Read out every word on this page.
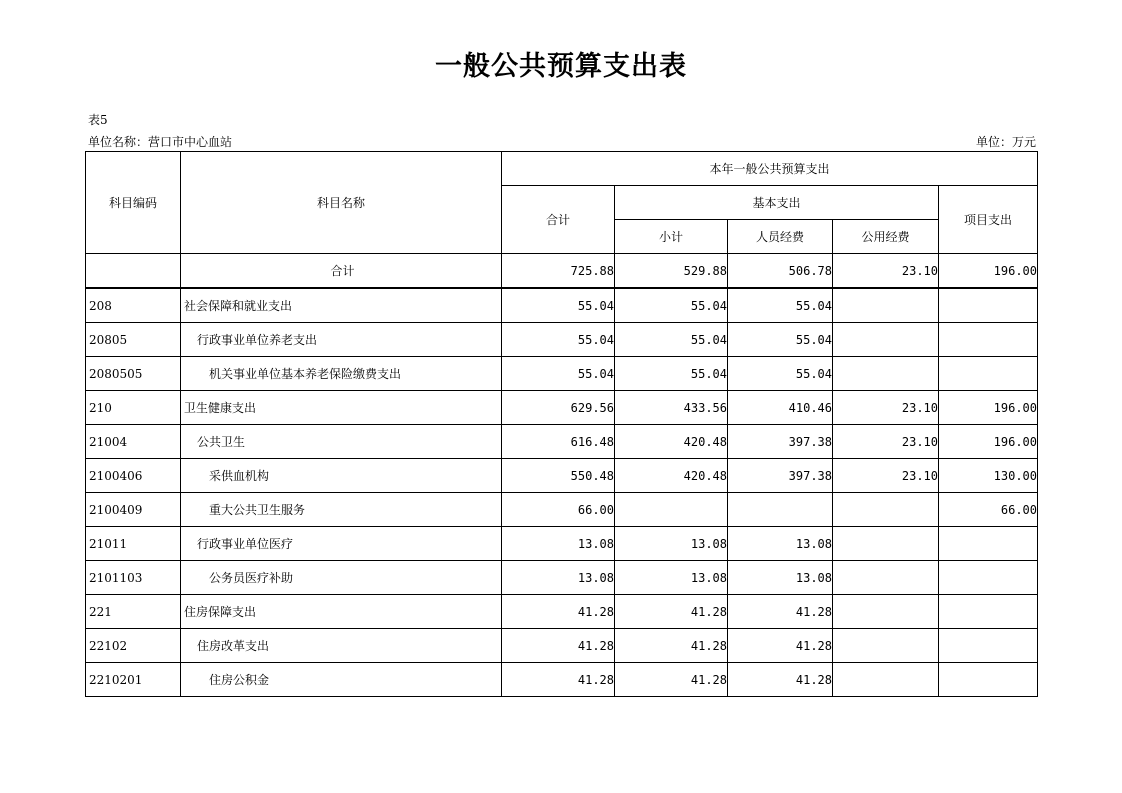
一般公共预算支出表
表5
单位名称：营口市中心血站	单位：万元
科目编码	科目名称	本年一般公共预算支出				
		合计	基本支出			项目支出
			小计	人员经费	公用经费	
	合计	725.88	529.88	506.78	23.10	196.00
208	社会保障和就业支出	55.04	55.04	55.04		
20805	行政事业单位养老支出	55.04	55.04	55.04		
2080505	机关事业单位基本养老保险缴费支出	55.04	55.04	55.04		
210	卫生健康支出	629.56	433.56	410.46	23.10	196.00
21004	公共卫生	616.48	420.48	397.38	23.10	196.00
2100406	采供血机构	550.48	420.48	397.38	23.10	130.00
2100409	重大公共卫生服务	66.00				66.00
21011	行政事业单位医疗	13.08	13.08	13.08		
2101103	公务员医疗补助	13.08	13.08	13.08		
221	住房保障支出	41.28	41.28	41.28		
22102	住房改革支出	41.28	41.28	41.28		
2210201	住房公积金	41.28	41.28	41.28		
